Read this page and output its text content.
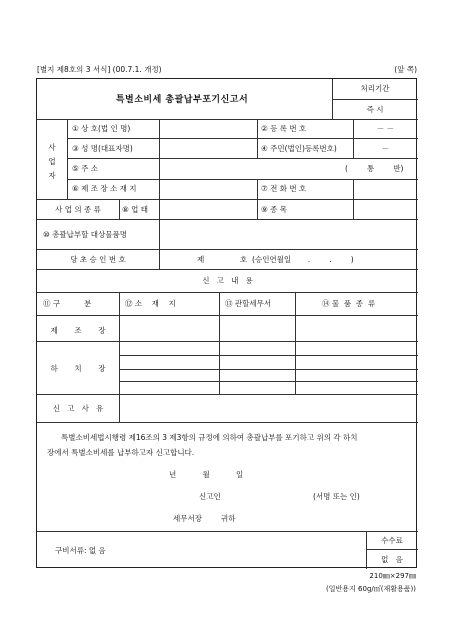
[별지 제8호의 3 서식] (00.7.1. 개정)	(앞 쪽)
특별소비세 총괄납부포기신고서
처리기간
즉 시
사
업
자
① 상 호(법 인 명)	② 등 록 번 호	－ －
③ 성 명(대표자명)	④ 주민(법인)등록번호)	－
⑤ 주 소	(        통        반)
⑥ 제 조 장 소 재 지	⑦ 전 화 번 호
사 업 의 종 류	⑧ 업 태	⑨ 종 목
⑩ 총괄납부할 대상물품명
당 초 승 인 번 호	제               호  (승인연월일       .        .        )
신   고   내   용
⑪ 구          분	⑫ 소    재    지	⑬ 관할세무서	⑭ 물  품  종  류
제       조       장
하       치       장
신   고   사   유
특별소비세법시행령 제16조의 3 제3항의 규정에 의하여 총괄납부를 포기하고 위의 각 하치
장에서 특별소비세를 납부하고자 신고합니다.
년           월           일
신고인	(서명 또는 인)
세무서장        귀하
구비서류: 없 음
수수료
없   음
210㎜×297㎜
(일반용지 60g/㎡(재활용품))
